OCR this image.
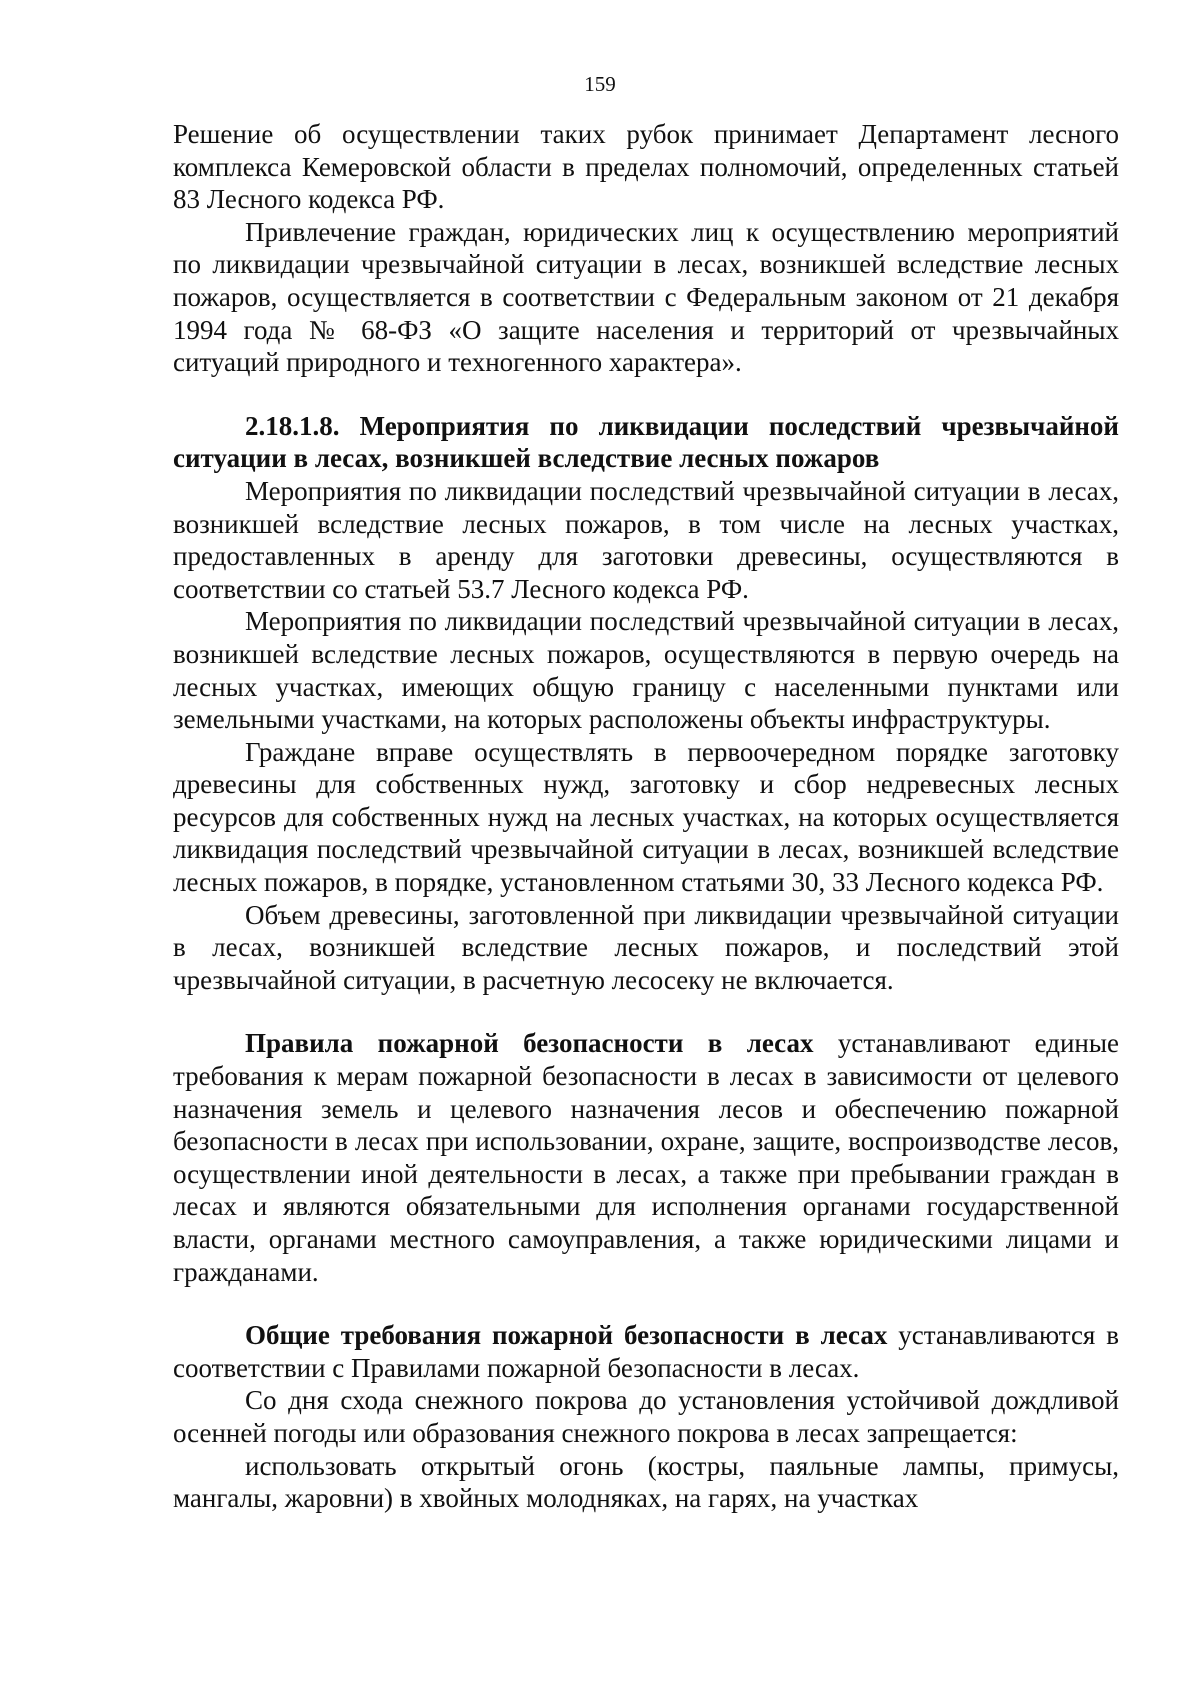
159

Решение об осуществлении таких рубок принимает Департамент лесного комплекса Кемеровской области в пределах полномочий, определенных статьей 83 Лесного кодекса РФ.

Привлечение граждан, юридических лиц к осуществлению мероприятий по ликвидации чрезвычайной ситуации в лесах, возникшей вследствие лесных пожаров, осуществляется в соответствии с Федеральным законом от 21 декабря 1994 года № 68-ФЗ «О защите населения и территорий от чрезвычайных ситуаций природного и техногенного характера».

2.18.1.8. Мероприятия по ликвидации последствий чрезвычайной ситуации в лесах, возникшей вследствие лесных пожаров

Мероприятия по ликвидации последствий чрезвычайной ситуации в лесах, возникшей вследствие лесных пожаров, в том числе на лесных участках, предоставленных в аренду для заготовки древесины, осуществляются в соответствии со статьей 53.7 Лесного кодекса РФ.

Мероприятия по ликвидации последствий чрезвычайной ситуации в лесах, возникшей вследствие лесных пожаров, осуществляются в первую очередь на лесных участках, имеющих общую границу с населенными пунктами или земельными участками, на которых расположены объекты инфраструктуры.

Граждане вправе осуществлять в первоочередном порядке заготовку древесины для собственных нужд, заготовку и сбор недревесных лесных ресурсов для собственных нужд на лесных участках, на которых осуществляется ликвидация последствий чрезвычайной ситуации в лесах, возникшей вследствие лесных пожаров, в порядке, установленном статьями 30, 33 Лесного кодекса РФ.

Объем древесины, заготовленной при ликвидации чрезвычайной ситуации в лесах, возникшей вследствие лесных пожаров, и последствий этой чрезвычайной ситуации, в расчетную лесосеку не включается.

Правила пожарной безопасности в лесах устанавливают единые требования к мерам пожарной безопасности в лесах в зависимости от целевого назначения земель и целевого назначения лесов и обеспечению пожарной безопасности в лесах при использовании, охране, защите, воспроизводстве лесов, осуществлении иной деятельности в лесах, а также при пребывании граждан в лесах и являются обязательными для исполнения органами государственной власти, органами местного самоуправления, а также юридическими лицами и гражданами.

Общие требования пожарной безопасности в лесах устанавливаются в соответствии с Правилами пожарной безопасности в лесах.

Со дня схода снежного покрова до установления устойчивой дождливой осенней погоды или образования снежного покрова в лесах запрещается:

использовать открытый огонь (костры, паяльные лампы, примусы, мангалы, жаровни) в хвойных молодняках, на гарях, на участках
